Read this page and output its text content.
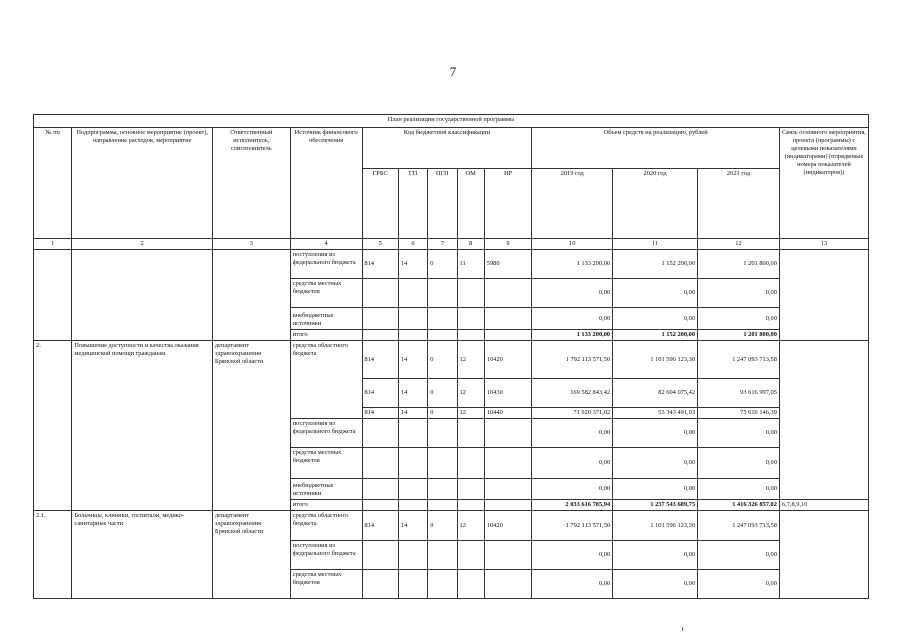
7
План реализации государственной программы												
№ пп	Подпрограмма, основное мероприятие (проект), направление расходов, мероприятие	Ответственный исполнитель, соисполнитель	Источник финансового обеспечения	Код бюджетной классификации					Объем средств на реализацию, рублей			Связь основного мероприятия, проекта (программы) с целевыми показателями (индикаторами) (порядковые номера показателей (индикаторов))
				ГРБС	ГП	ПГП	ОМ	НР	2019 год	2020 год	2021 год	
1	2	3	4	5	6	7	8	9	10	11	12	13
			поступления из федерального бюджета	814	14	0	11	5980	1 133 200,00	1 152 200,00	1 201 800,00	
			средства местных бюджетов						0,00	0,00	0,00	
			внебюджетные источники						0,00	0,00	0,00	
			итого						1 133 200,00	1 152 200,00	1 201 800,00	
2.	Повышение доступности и качества оказания медицинской помощи гражданам	департамент здравоохранения Брянской области	средства областного бюджета	814	14	0	12	10420	1 792 113 571,50	1 101 596 123,30	1 247 093 713,58	
				814	14	0	12	10430	169 582 843,42	82 604 075,42	93 616 997,05	
				814	14	0	12	10440	71 920 371,02	53 343 491,03	75 616 146,39	
			поступления из федерального бюджета						0,00	0,00	0,00	
			средства местных бюджетов						0,00	0,00	0,00	
			внебюджетные источники						0,00	0,00	0,00	
			итого						2 033 616 785,94	1 237 543 689,75	1 416 326 857,02	6,7,8,9,10
2.1.	Больницы, клиники, госпитали, медико-санитарные части	департамент здравоохранения Брянской области	средства областного бюджета	814	14	0	12	10420	1 792 113 571,50	1 101 596 123,30	1 247 093 713,58	
			поступления из федерального бюджета						0,00	0,00	0,00	
			средства местных бюджетов						0,00	0,00	0,00	
